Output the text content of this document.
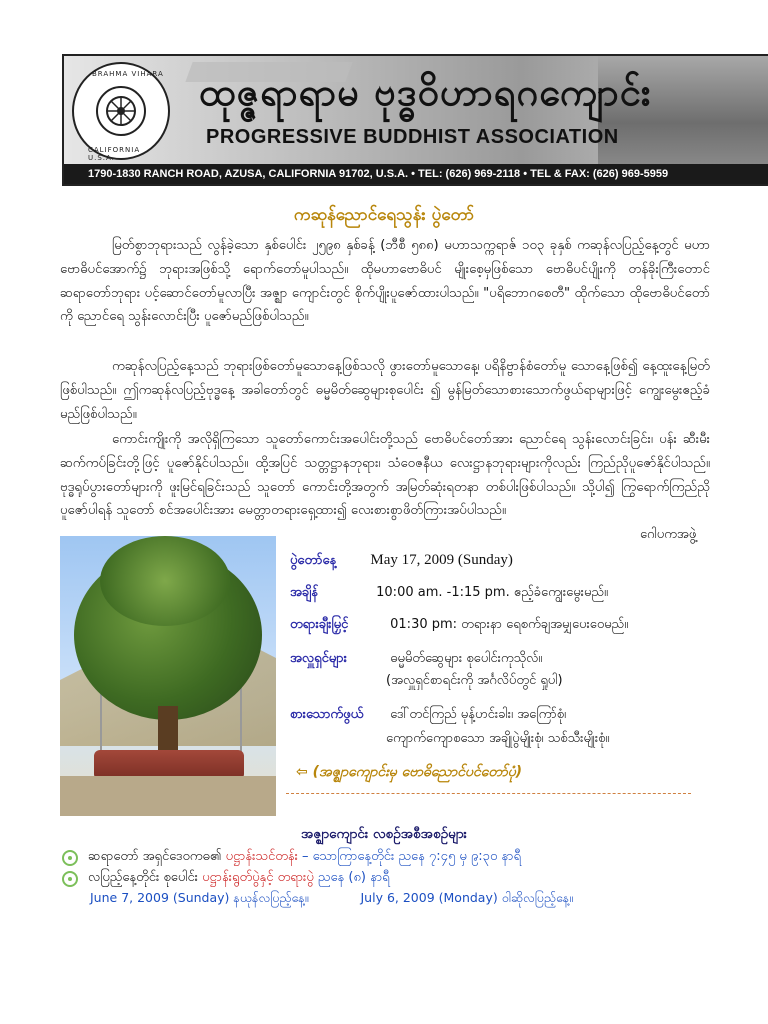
BRAHMA VIHARA
CALIFORNIA U.S.A.
ထုဇ္ဇရာရာမ ဗုဒ္ဓဝိဟာရဂကျောင်း
PROGRESSIVE BUDDHIST ASSOCIATION
1790-1830 RANCH ROAD, AZUSA, CALIFORNIA 91702, U.S.A. • TEL: (626) 969-2118 • TEL & FAX: (626) 969-5959
ကဆုန်ညောင်ရေသွန်း ပွဲတော်
မြတ်စွာဘုရားသည် လွန်ခဲ့သော နှစ်ပေါင်း ၂၅၉၈ နှစ်ခန့် (ဘီစီ ၅၈၈) မဟာသက္ကရာဇ် ၁၀၃ ခုနှစ် ကဆုန်လပြည့်နေ့တွင် မဟာဗောဓိပင်အောက်၌ ဘုရားအဖြစ်သို့ ရောက်တော်မူပါသည်။ ထိုမဟာဗောဓိပင် မျိုးစေ့မှဖြစ်သော ဗောဓိပင်ပျိုးကို တန်ခိုးကြီးတောင်ဆရာတော်ဘုရား ပင့်ဆောင်တော်မူလာပြီး အဇ္ဈာ ကျောင်းတွင် စိုက်ပျိုးပူဇော်ထားပါသည်။ "ပရိဘောဂစေတီ" ထိုက်သော ထိုဗောဓိပင်တော်ကို ညောင်ရေ သွန်းလောင်းပြီး ပူဇော်မည်ဖြစ်ပါသည်။
ကဆုန်လပြည့်နေ့သည် ဘုရားဖြစ်တော်မူသောနေ့ဖြစ်သလို ဖွားတော်မူသောနေ့၊ ပရိနိဗ္ဗာန်စံတော်မူ သောနေ့ဖြစ်၍ နေ့ထူးနေ့မြတ်ဖြစ်ပါသည်။ ဤကဆုန်လပြည့်ဗုဒ္ဓနေ့ အခါတော်တွင် ဓမ္မမိတ်ဆွေများစုပေါင်း ၍ မွန်မြတ်သောစားသောက်ဖွယ်ရာများဖြင့် ကျွေးမွေးဧည့်ခံမည်ဖြစ်ပါသည်။
ကောင်းကျိုးကို အလိုရှိကြသော သူတော်ကောင်းအပေါင်းတို့သည် ဗောဓိပင်တော်အား ညောင်ရေ သွန်းလောင်းခြင်း၊ ပန်း ဆီးမီးဆက်ကပ်ခြင်းတို့ဖြင့် ပူဇော်နိုင်ပါသည်။ ထို့အပြင် သတ္တဋ္ဌာနဘုရား၊ သံဝေဇနီယ လေးဋ္ဌာနဘုရားများကိုလည်း ကြည်ညိုပူဇော်နိုင်ပါသည်။ ဗုဒ္ဓရုပ်ပွားတော်များကို ဖူးမြင်ရခြင်းသည် သူတော် ကောင်းတို့အတွက် အမြတ်ဆုံးရတနာ တစ်ပါးဖြစ်ပါသည်။ သို့ပါ၍ ကြွရောက်ကြည်ညိုပူဇော်ပါရန် သူတော် စင်အပေါင်းအား မေတ္တာတရားရှေ့ထား၍ လေးစားစွာဖိတ်ကြားအပ်ပါသည်။
ဂေါပကအဖွဲ့
ပွဲတော်နေ့ May 17, 2009 (Sunday)
အချိန်	10:00 am. -1:15 pm. ဧည့်ခံကျွေးမွေးမည်။
တရားချီးမြှင့်	01:30 pm: တရားနာ ရေစက်ချအမျှပေးဝေမည်။
အလှူရှင်များ	ဓမ္မမိတ်ဆွေများ စုပေါင်းကုသိုလ်။
(အလှူရှင်စာရင်းကို အင်္ဂလိပ်တွင် ရှုပါ)
စားသောက်ဖွယ် ဒေါ်တင်ကြည် မုန့်ဟင်းခါး၊ အကြော်စုံ၊
ကျောက်ကျောစသော အချိုပွဲမျိုးစုံ၊ သစ်သီးမျိုးစုံ။
⇦ (အဇ္ဈာကျောင်းမှ ဗောဓိညောင်ပင်တော်ပုံ)
အဇ္ဈာကျောင်း လစဉ်အစီအစဉ်များ
ဆရာတော် အရှင်ဒေဝကဓ၏
ပဋ္ဌာန်းသင်တန်း
– သောကြာနေ့တိုင်း ညနေ ၇:၄၅ မှ ၉:၃၀ နာရီ
လပြည့်နေ့တိုင်း စုပေါင်း
ပဋ္ဌာန်းရွတ်ပွဲနှင့် တရားပွဲ
ညနေ (၈) နာရီ
June 7, 2009 (Sunday) နယုန်လပြည့်နေ့။	July 6, 2009 (Monday) ဝါဆိုလပြည့်နေ့။
